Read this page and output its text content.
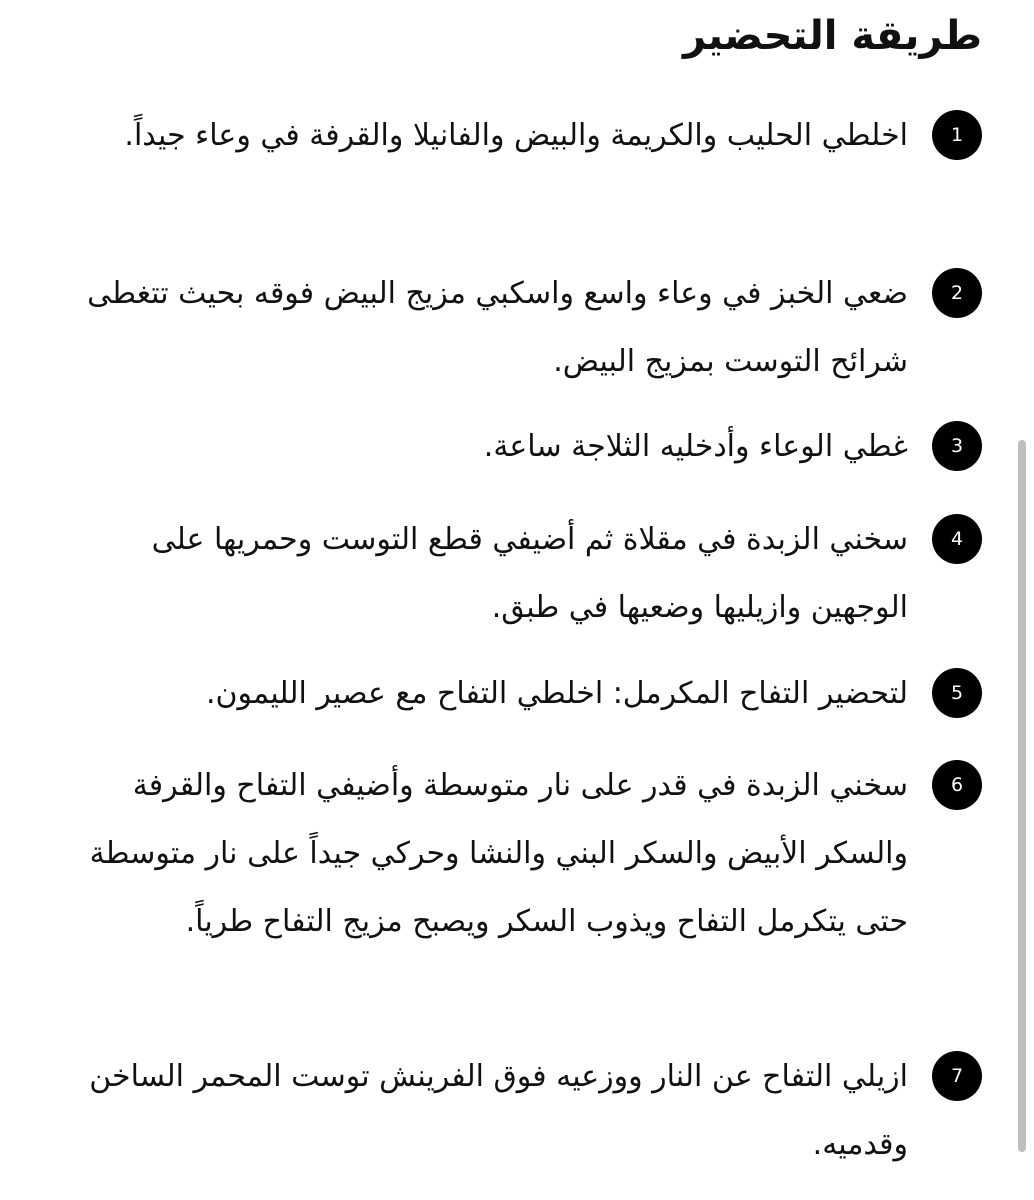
طريقة التحضير
1
اخلطي الحليب والكريمة والبيض والفانيلا والقرفة في وعاء جيداً.
2
ضعي الخبز في وعاء واسع واسكبي مزيج البيض فوقه بحيث تتغطى شرائح التوست بمزيج البيض.
3
غطي الوعاء وأدخليه الثلاجة ساعة.
4
سخني الزبدة في مقلاة ثم أضيفي قطع التوست وحمريها على الوجهين وازيليها وضعيها في طبق.
5
لتحضير التفاح المكرمل: اخلطي التفاح مع عصير الليمون.
6
سخني الزبدة في قدر على نار متوسطة وأضيفي التفاح والقرفة والسكر الأبيض والسكر البني والنشا وحركي جيداً على نار متوسطة حتى يتكرمل التفاح ويذوب السكر ويصبح مزيج التفاح طرياً.
7
ازيلي التفاح عن النار ووزعيه فوق الفرينش توست المحمر الساخن وقدميه.
